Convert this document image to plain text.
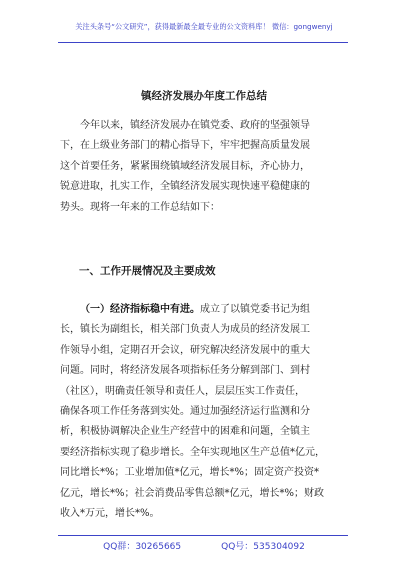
关注头条号“公文研究”，获得最新最全最专业的公文资料库！ 微信：gongwenyj
镇经济发展办年度工作总结
今年以来，镇经济发展办在镇党委、政府的坚强领导
下，在上级业务部门的精心指导下，牢牢把握高质量发展
这个首要任务，紧紧围绕镇域经济发展目标，齐心协力，
锐意进取，扎实工作，全镇经济发展实现快速平稳健康的
势头。现将一年来的工作总结如下：
一、工作开展情况及主要成效
（一）经济指标稳中有进。成立了以镇党委书记为组
长，镇长为副组长，相关部门负责人为成员的经济发展工
作领导小组，定期召开会议，研究解决经济发展中的重大
问题。同时，将经济发展各项指标任务分解到部门、到村
（社区），明确责任领导和责任人，层层压实工作责任，
确保各项工作任务落到实处。通过加强经济运行监测和分
析，积极协调解决企业生产经营中的困难和问题，全镇主
要经济指标实现了稳步增长。全年实现地区生产总值*亿元，
同比增长*%；工业增加值*亿元，增长*%；固定资产投资*
亿元，增长*%；社会消费品零售总额*亿元，增长*%；财政
收入*万元，增长*%。
QQ群：30265665	QQ号：535304092
